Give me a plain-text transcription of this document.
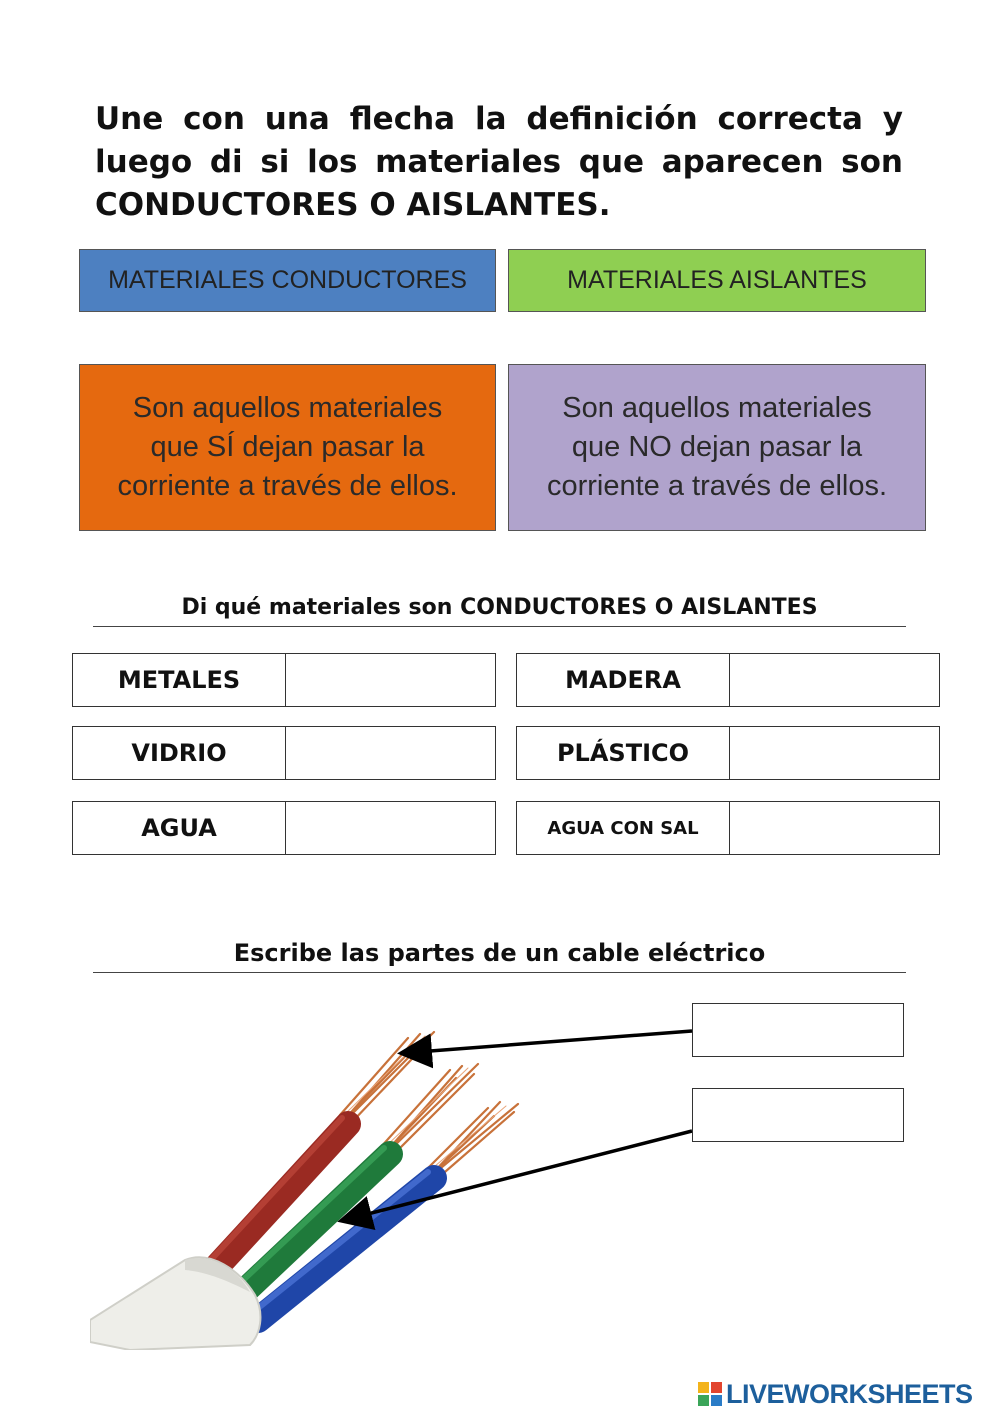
Une con una flecha la definición correcta y luego di si los materiales que aparecen son CONDUCTORES O AISLANTES.
MATERIALES CONDUCTORES	MATERIALES AISLANTES
Son aquellos materiales
que SÍ dejan pasar la
corriente a través de ellos.
Son aquellos materiales
que NO dejan pasar la
corriente a través de ellos.
Di qué materiales son CONDUCTORES O AISLANTES
METALES	MADERA
VIDRIO	PLÁSTICO
AGUA	AGUA CON SAL
Escribe las partes de un cable eléctrico
LIVEWORKSHEETS
